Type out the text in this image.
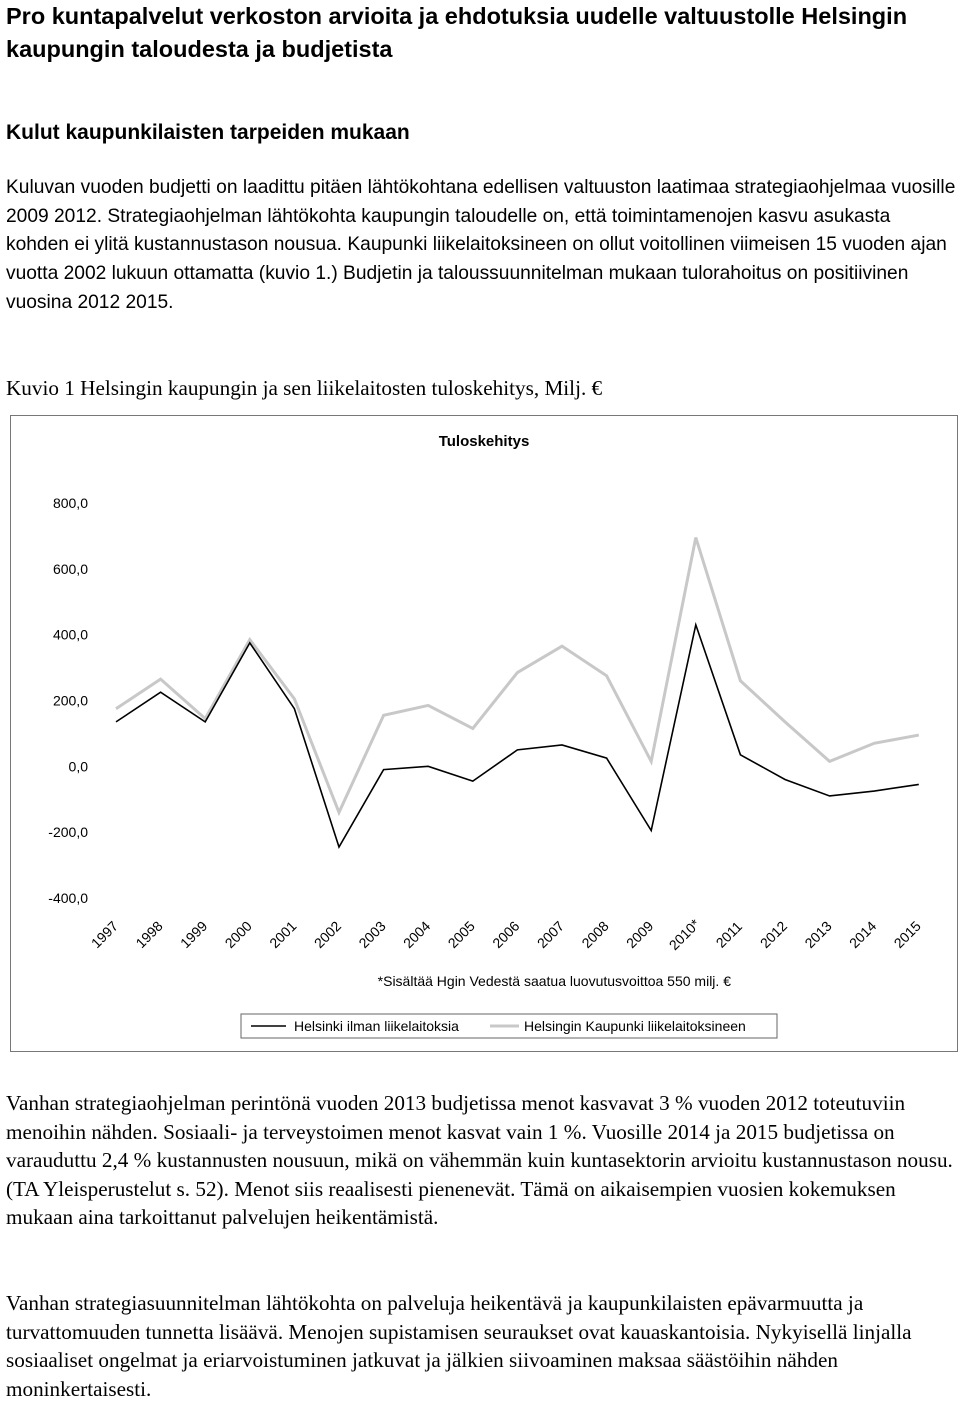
Pro kuntapalvelut verkoston arvioita ja ehdotuksia uudelle valtuustolle Helsingin kaupungin taloudesta ja budjetista
Kulut kaupunkilaisten tarpeiden mukaan
Kuluvan vuoden budjetti on laadittu pitäen lähtökohtana edellisen valtuuston laatimaa strategiaohjelmaa vuosille 2009 2012. Strategiaohjelman lähtökohta kaupungin taloudelle on, että toimintamenojen kasvu asukasta kohden ei ylitä kustannustason nousua. Kaupunki liikelaitoksineen on ollut voitollinen viimeisen 15 vuoden ajan vuotta 2002 lukuun ottamatta (kuvio 1.) Budjetin ja taloussuunnitelman mukaan tulorahoitus on positiivinen vuosina 2012 2015.
Kuvio 1 Helsingin kaupungin ja sen liikelaitosten tuloskehitys, Milj. €
Tuloskehitys
800,0
600,0
400,0
200,0
0,0
-200,0
-400,0
1997 1998 1999 2000 2001 2002 2003 2004 2005 2006 2007 2008 2009 2010* 2011 2012 2013 2014 2015
*Sisältää Hgin Vedestä saatua luovutusvoittoa 550 milj. €
Helsinki ilman liikelaitoksia	Helsingin Kaupunki liikelaitoksineen
Vanhan strategiaohjelman perintönä vuoden 2013 budjetissa menot kasvavat 3 % vuoden 2012 toteutuviin menoihin nähden. Sosiaali- ja terveystoimen menot kasvat vain 1 %. Vuosille 2014 ja 2015 budjetissa on varauduttu 2,4 % kustannusten nousuun, mikä on vähemmän kuin kuntasektorin arvioitu kustannustason nousu. (TA Yleisperustelut s. 52). Menot siis reaalisesti pienenevät. Tämä on aikaisempien vuosien kokemuksen mukaan aina tarkoittanut palvelujen heikentämistä.
Vanhan strategiasuunnitelman lähtökohta on palveluja heikentävä ja kaupunkilaisten epävarmuutta ja turvattomuuden tunnetta lisäävä. Menojen supistamisen seuraukset ovat kauaskantoisia. Nykyisellä linjalla sosiaaliset ongelmat ja eriarvoistuminen jatkuvat ja jälkien siivoaminen maksaa säästöihin nähden moninkertaisesti.
